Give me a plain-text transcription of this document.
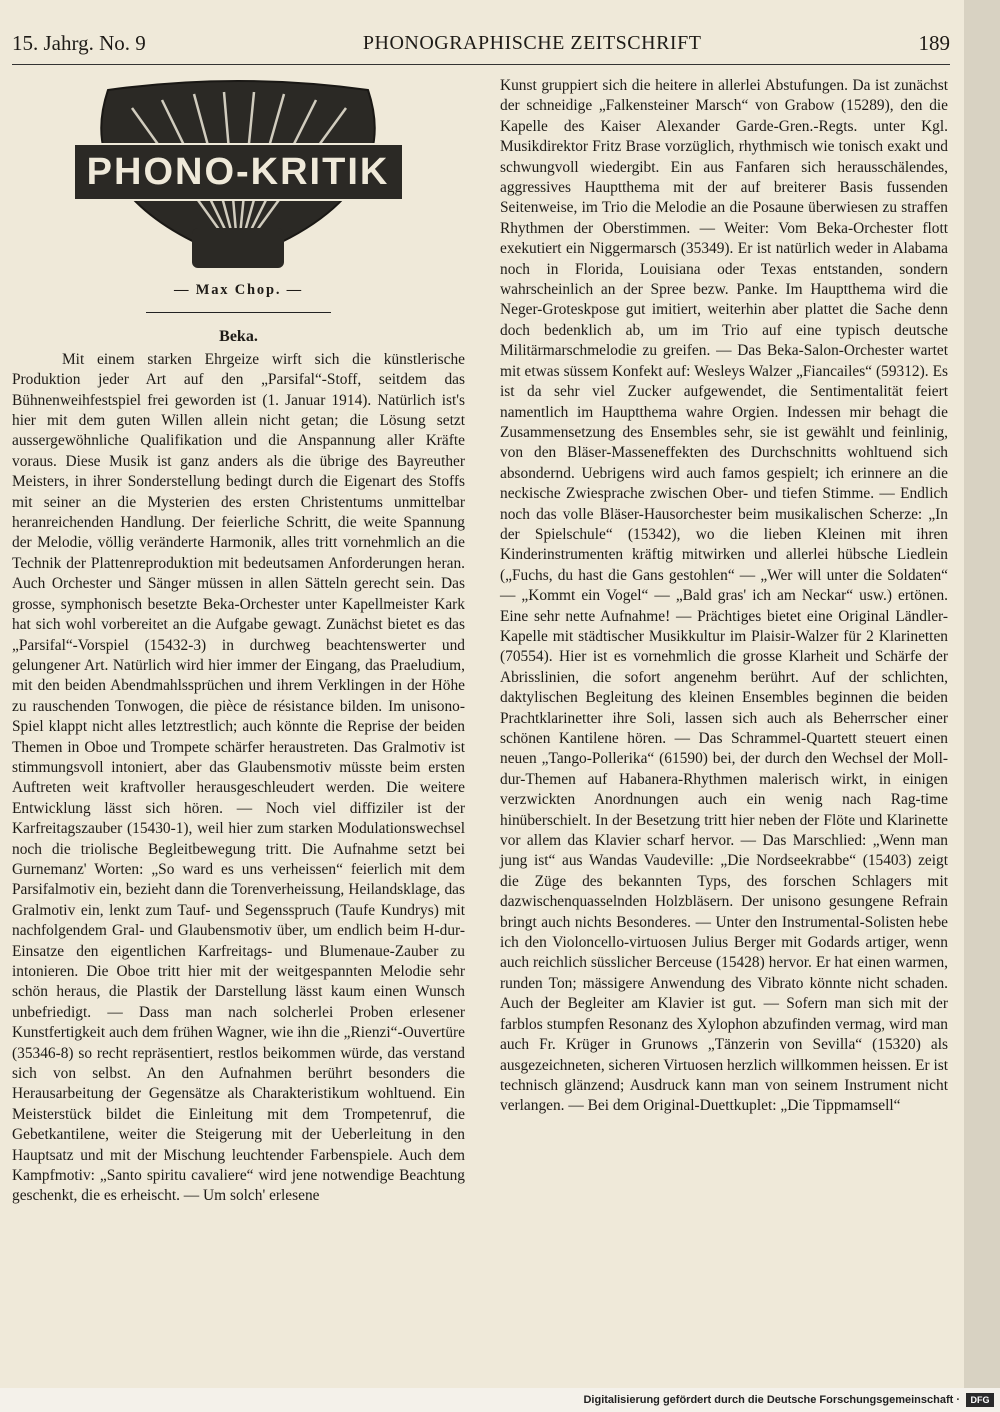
15. Jahrg. No. 9	PHONOGRAPHISCHE ZEITSCHRIFT	189
PHONO-KRITIK
— Max Chop. —
Beka.

Mit einem starken Ehrgeize wirft sich die künstlerische Produktion jeder Art auf den „Parsifal“-Stoff, seitdem das Bühnenweihfestspiel frei geworden ist (1. Januar 1914). Natürlich ist's hier mit dem guten Willen allein nicht getan; die Lösung setzt aussergewöhnliche Qualifikation und die Anspannung aller Kräfte voraus. Diese Musik ist ganz anders als die übrige des Bayreuther Meisters, in ihrer Sonderstellung bedingt durch die Eigenart des Stoffs mit seiner an die Mysterien des ersten Christentums unmittelbar heranreichenden Handlung. Der feierliche Schritt, die weite Spannung der Melodie, völlig veränderte Harmonik, alles tritt vornehmlich an die Technik der Plattenreproduktion mit bedeutsamen Anforderungen heran. Auch Orchester und Sänger müssen in allen Sätteln gerecht sein. Das grosse, symphonisch besetzte Beka-Orchester unter Kapellmeister Kark hat sich wohl vorbereitet an die Aufgabe gewagt. Zunächst bietet es das „Parsifal“-Vorspiel (15432-3) in durchweg beachtenswerter und gelungener Art. Natürlich wird hier immer der Eingang, das Praeludium, mit den beiden Abendmahlssprüchen und ihrem Verklingen in der Höhe zu rauschenden Tonwogen, die pièce de résistance bilden. Im unisono-Spiel klappt nicht alles letztrestlich; auch könnte die Reprise der beiden Themen in Oboe und Trompete schärfer heraustreten. Das Gralmotiv ist stimmungsvoll intoniert, aber das Glaubensmotiv müsste beim ersten Auftreten weit kraftvoller herausgeschleudert werden. Die weitere Entwicklung lässt sich hören. — Noch viel diffiziler ist der Karfreitagszauber (15430-1), weil hier zum starken Modulationswechsel noch die triolische Begleitbewegung tritt. Die Aufnahme setzt bei Gurnemanz' Worten: „So ward es uns verheissen“ feierlich mit dem Parsifalmotiv ein, bezieht dann die Torenverheissung, Heilandsklage, das Gralmotiv ein, lenkt zum Tauf- und Segensspruch (Taufe Kundrys) mit nachfolgendem Gral- und Glaubensmotiv über, um endlich beim H-dur-Einsatze den eigentlichen Karfreitags- und Blumenaue-Zauber zu intonieren. Die Oboe tritt hier mit der weitgespannten Melodie sehr schön heraus, die Plastik der Darstellung lässt kaum einen Wunsch unbefriedigt. — Dass man nach solcherlei Proben erlesener Kunstfertigkeit auch dem frühen Wagner, wie ihn die „Rienzi“-Ouvertüre (35346-8) so recht repräsentiert, restlos beikommen würde, das verstand sich von selbst. An den Aufnahmen berührt besonders die Herausarbeitung der Gegensätze als Charakteristikum wohltuend. Ein Meisterstück bildet die Einleitung mit dem Trompetenruf, die Gebetkantilene, weiter die Steigerung mit der Ueberleitung in den Hauptsatz und mit der Mischung leuchtender Farbenspiele. Auch dem Kampfmotiv: „Santo spiritu cavaliere“ wird jene notwendige Beachtung geschenkt, die es erheischt. — Um solch' erlesene

Kunst gruppiert sich die heitere in allerlei Abstufungen. Da ist zunächst der schneidige „Falkensteiner Marsch“ von Grabow (15289), den die Kapelle des Kaiser Alexander Garde-Gren.-Regts. unter Kgl. Musikdirektor Fritz Brase vorzüglich, rhythmisch wie tonisch exakt und schwungvoll wiedergibt. Ein aus Fanfaren sich herausschälendes, aggressives Hauptthema mit der auf breiterer Basis fussenden Seitenweise, im Trio die Melodie an die Posaune überwiesen zu straffen Rhythmen der Oberstimmen. — Weiter: Vom Beka-Orchester flott exekutiert ein Niggermarsch (35349). Er ist natürlich weder in Alabama noch in Florida, Louisiana oder Texas entstanden, sondern wahrscheinlich an der Spree bezw. Panke. Im Hauptthema wird die Neger-Groteskpose gut imitiert, weiterhin aber plattet die Sache denn doch bedenklich ab, um im Trio auf eine typisch deutsche Militärmarschmelodie zu greifen. — Das Beka-Salon-Orchester wartet mit etwas süssem Konfekt auf: Wesleys Walzer „Fiancailes“ (59312). Es ist da sehr viel Zucker aufgewendet, die Sentimentalität feiert namentlich im Hauptthema wahre Orgien. Indessen mir behagt die Zusammensetzung des Ensembles sehr, sie ist gewählt und feinlinig, von den Bläser-Masseneffekten des Durchschnitts wohltuend sich absondernd. Uebrigens wird auch famos gespielt; ich erinnere an die neckische Zwiesprache zwischen Ober- und tiefen Stimme. — Endlich noch das volle Bläser-Hausorchester beim musikalischen Scherze: „In der Spielschule“ (15342), wo die lieben Kleinen mit ihren Kinderinstrumenten kräftig mitwirken und allerlei hübsche Liedlein („Fuchs, du hast die Gans gestohlen“ — „Wer will unter die Soldaten“ — „Kommt ein Vogel“ — „Bald gras' ich am Neckar“ usw.) ertönen. Eine sehr nette Aufnahme! — Prächtiges bietet eine Original Ländler-Kapelle mit städtischer Musikkultur im Plaisir-Walzer für 2 Klarinetten (70554). Hier ist es vornehmlich die grosse Klarheit und Schärfe der Abrisslinien, die sofort angenehm berührt. Auf der schlichten, daktylischen Begleitung des kleinen Ensembles beginnen die beiden Prachtklarinetter ihre Soli, lassen sich auch als Beherrscher einer schönen Kantilene hören. — Das Schrammel-Quartett steuert einen neuen „Tango-Pollerika“ (61590) bei, der durch den Wechsel der Moll-dur-Themen auf Habanera-Rhythmen malerisch wirkt, in einigen verzwickten Anordnungen auch ein wenig nach Rag-time hinüberschielt. In der Besetzung tritt hier neben der Flöte und Klarinette vor allem das Klavier scharf hervor. — Das Marschlied: „Wenn man jung ist“ aus Wandas Vaudeville: „Die Nordseekrabbe“ (15403) zeigt die Züge des bekannten Typs, des forschen Schlagers mit dazwischenquasselnden Holzbläsern. Der unisono gesungene Refrain bringt auch nichts Besonderes. — Unter den Instrumental-Solisten hebe ich den Violoncello-virtuosen Julius Berger mit Godards artiger, wenn auch reichlich süsslicher Berceuse (15428) hervor. Er hat einen warmen, runden Ton; mässigere Anwendung des Vibrato könnte nicht schaden. Auch der Begleiter am Klavier ist gut. — Sofern man sich mit der farblos stumpfen Resonanz des Xylophon abzufinden vermag, wird man auch Fr. Krüger in Grunows „Tänzerin von Sevilla“ (15320) als ausgezeichneten, sicheren Virtuosen herzlich willkommen heissen. Er ist technisch glänzend; Ausdruck kann man von seinem Instrument nicht verlangen. — Bei dem Original-Duettkuplet: „Die Tippmamsell“

Digitalisierung gefördert durch die Deutsche Forschungsgemeinschaft ·	DFG
